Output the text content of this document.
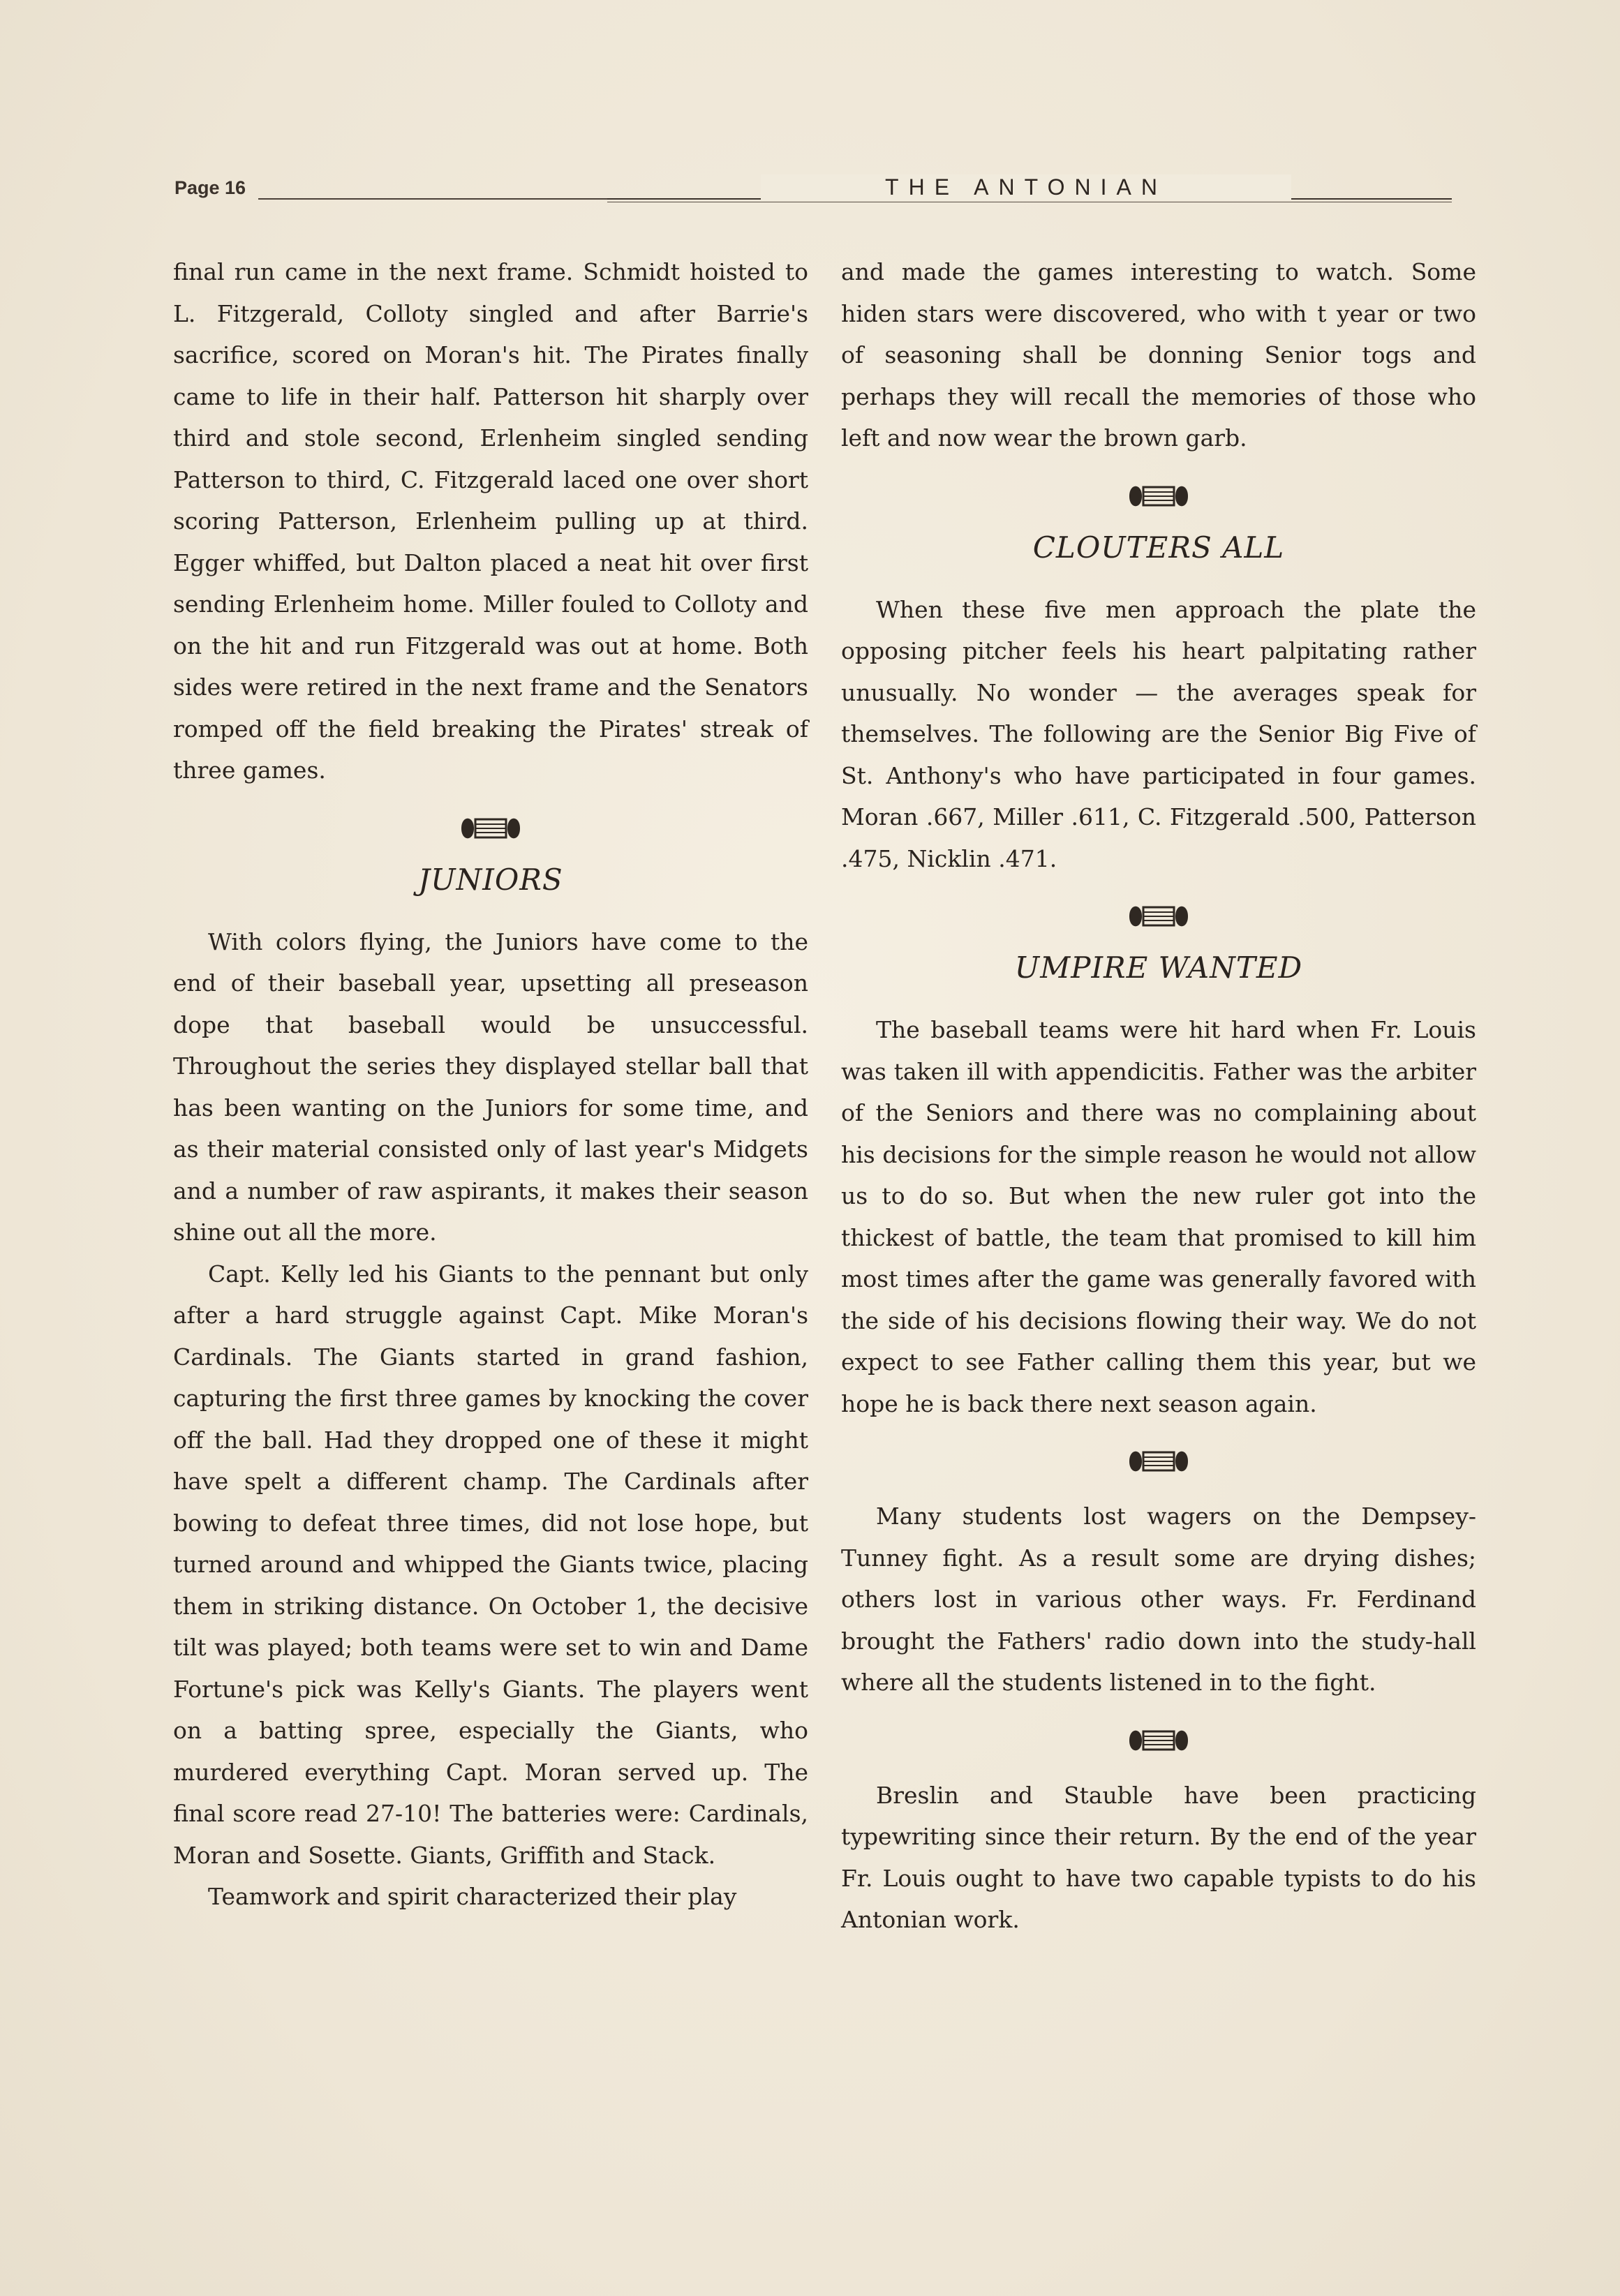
Page 16	THE ANTONIAN

final run came in the next frame. Schmidt hoisted to L. Fitzgerald, Colloty singled and after Barrie's sacrifice, scored on Moran's hit. The Pirates finally came to life in their half. Patterson hit sharply over third and stole second, Erlenheim singled sending Patterson to third, C. Fitzgerald laced one over short scoring Patterson, Erlenheim pulling up at third. Egger whiffed, but Dalton placed a neat hit over first sending Erlenheim home. Miller fouled to Colloty and on the hit and run Fitzgerald was out at home. Both sides were retired in the next frame and the Senators romped off the field breaking the Pirates' streak of three games.

JUNIORS

With colors flying, the Juniors have come to the end of their baseball year, upsetting all preseason dope that baseball would be unsuccessful. Throughout the series they displayed stellar ball that has been wanting on the Juniors for some time, and as their material consisted only of last year's Midgets and a number of raw aspirants, it makes their season shine out all the more.

Capt. Kelly led his Giants to the pennant but only after a hard struggle against Capt. Mike Moran's Cardinals. The Giants started in grand fashion, capturing the first three games by knocking the cover off the ball. Had they dropped one of these it might have spelt a different champ. The Cardinals after bowing to defeat three times, did not lose hope, but turned around and whipped the Giants twice, placing them in striking distance. On October 1, the decisive tilt was played; both teams were set to win and Dame Fortune's pick was Kelly's Giants. The players went on a batting spree, especially the Giants, who murdered everything Capt. Moran served up. The final score read 27-10! The batteries were: Cardinals, Moran and Sosette. Giants, Griffith and Stack.

Teamwork and spirit characterized their play

and made the games interesting to watch. Some hiden stars were discovered, who with t year or two of seasoning shall be donning Senior togs and perhaps they will recall the memories of those who left and now wear the brown garb.

CLOUTERS ALL

When these five men approach the plate the opposing pitcher feels his heart palpitating rather unusually. No wonder — the averages speak for themselves. The following are the Senior Big Five of St. Anthony's who have participated in four games. Moran .667, Miller .611, C. Fitzgerald .500, Patterson .475, Nicklin .471.

UMPIRE WANTED

The baseball teams were hit hard when Fr. Louis was taken ill with appendicitis. Father was the arbiter of the Seniors and there was no complaining about his decisions for the simple reason he would not allow us to do so. But when the new ruler got into the thickest of battle, the team that promised to kill him most times after the game was generally favored with the side of his decisions flowing their way. We do not expect to see Father calling them this year, but we hope he is back there next season again.

Many students lost wagers on the Dempsey-Tunney fight. As a result some are drying dishes; others lost in various other ways. Fr. Ferdinand brought the Fathers' radio down into the study-hall where all the students listened in to the fight.

Breslin and Stauble have been practicing typewriting since their return. By the end of the year Fr. Louis ought to have two capable typists to do his Antonian work.
